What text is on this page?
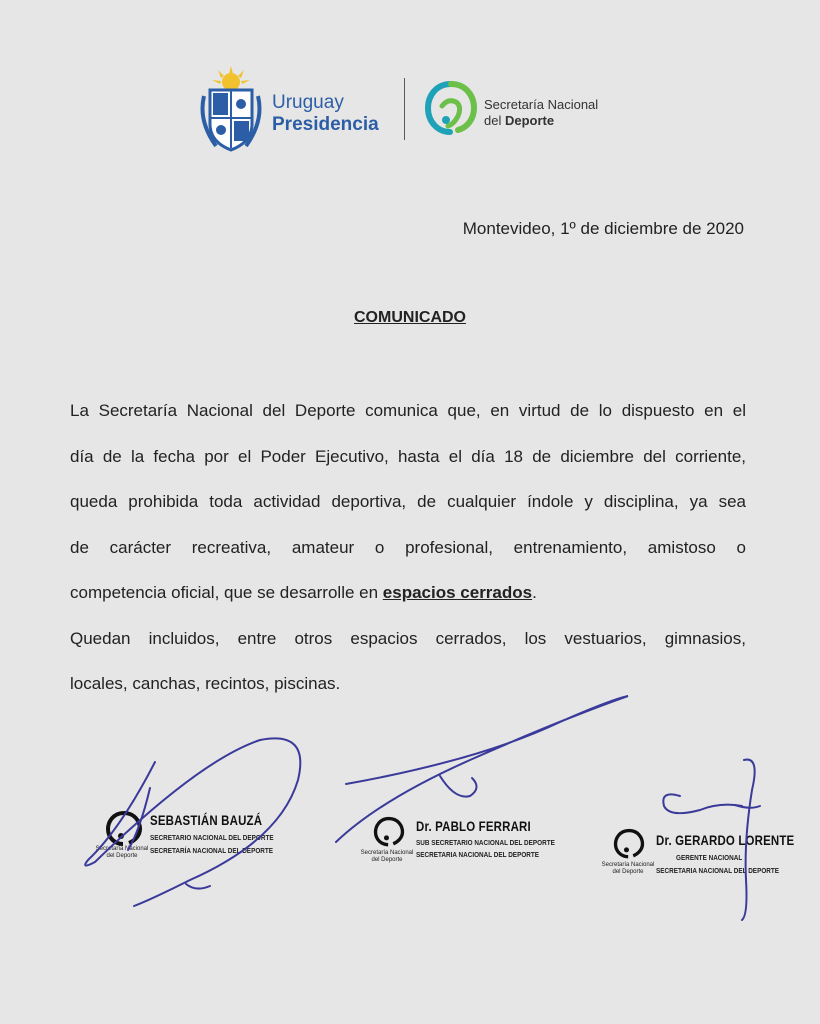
Uruguay
Presidencia
Secretaría Nacional
del Deporte
Montevideo, 1º de diciembre de 2020
COMUNICADO
La Secretaría Nacional del Deporte comunica que, en virtud de lo dispuesto en el
día de la fecha por el Poder Ejecutivo, hasta el día 18 de diciembre del corriente,
queda prohibida toda actividad deportiva, de cualquier índole y disciplina, ya sea
de carácter recreativa, amateur o profesional, entrenamiento, amistoso o
competencia oficial, que se desarrolle en espacios cerrados.
Quedan incluidos, entre otros espacios cerrados, los vestuarios, gimnasios,
locales, canchas, recintos, piscinas.
Secretaría Nacional
del Deporte
SEBASTIÁN BAUZÁ
SECRETARIO NACIONAL DEL DEPORTE
SECRETARÍA NACIONAL DEL DEPORTE	Secretaría Nacional
del Deporte
Dr. PABLO FERRARI
SUB SECRETARIO NACIONAL DEL DEPORTE
SECRETARIA NACIONAL DEL DEPORTE
Secretaría Nacional
del Deporte
Dr. GERARDO LORENTE
GERENTE NACIONAL
SECRETARIA NACIONAL DEL DEPORTE
